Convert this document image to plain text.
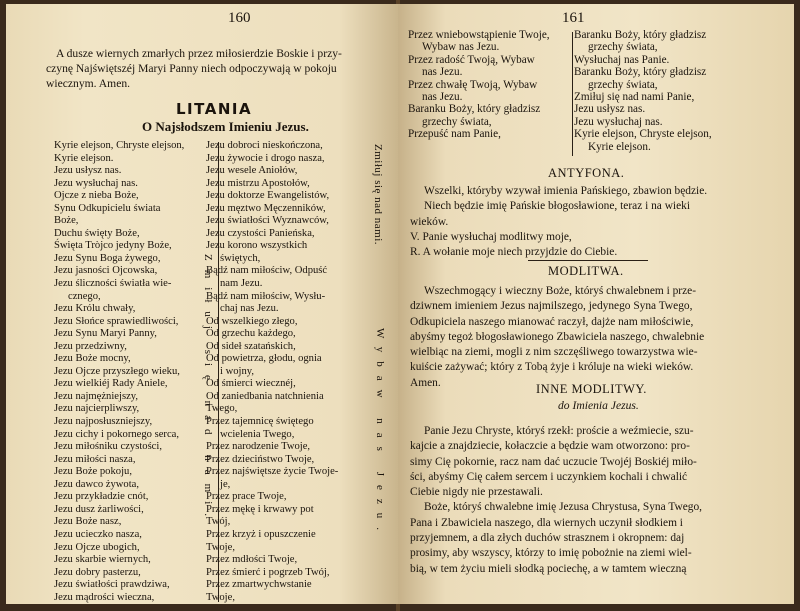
160
A dusze wiernych zmarłych przez miłosierdzie Boskie i przy-
czynę Najświętszéj Maryi Panny niech odpoczywają w pokoju
wiecznym. Amen.
LITANIA
O Najsłodszem Imieniu Jezus.
Kyrie elejson, Chryste elejson,
Kyrie elejson.
Jezu usłysz nas.
Jezu wysłuchaj nas.
Ojcze z nieba Boże,
Synu Odkupicielu świata
Boże,
Duchu święty Boże,
Święta Tròjco jedyny Boże,
Jezu Synu Boga żywego,
Jezu jasności Ojcowska,
Jezu śliczności światła wie-
cznego,
Jezu Królu chwały,
Jezu Słońce sprawiedliwości,
Jezu Synu Maryi Panny,
Jezu przedziwny,
Jezu Boże mocny,
Jezu Ojcze przyszłego wieku,
Jezu wielkiéj Rady Aniele,
Jezu najmężniejszy,
Jezu najcierpliwszy,
Jezu najposłuszniejszy,
Jezu cichy i pokornego serca,
Jezu miłośniku czystości,
Jezu miłości nasza,
Jezu Boże pokoju,
Jezu dawco żywota,
Jezu przykładzie cnót,
Jezu dusz żarliwości,
Jezu Boże nasz,
Jezu ucieczko nasza,
Jezu Ojcze ubogich,
Jezu skarbie wiernych,
Jezu dobry pasterzu,
Jezu światłości prawdziwa,
Jezu mądrości wieczna,
Jezu dobroci nieskończona,
Jezu żywocie i drogo nasza,
Jezu wesele Aniołów,
Jezu mistrzu Apostołów,
Jezu doktorze Ewangelistów,
Jezu męztwo Męczenników,
Jezu światłości Wyznawców,
Jezu czystości Panieńska,
Jezu korono wszystkich
świętych,
Bądź nam miłościw, Odpuść
nam Jezu.
Bądź nam miłościw, Wysłu-
chaj nas Jezu.
Od wszelkiego złego,
Od grzechu każdego,
Od sideł szatańskich,
Od powietrza, głodu, ognia
i wojny,
Od śmierci wiecznéj,
Od zaniedbania natchnienia
Twego,
Przez tajemnicę świętego
wcielenia Twego,
Przez narodzenie Twoje,
Przez dzieciństwo Twoje,
Przez najświętsze życie Twoje-
je,
Przez prace Twoje,
Przez mękę i krwawy pot
Twój,
Przez krzyż i opuszczenie
Twoje,
Przez mdłości Twoje,
Przez śmierć i pogrzeb Twój,
Przez zmartwychwstanie
Twoje,
Zmiłuj się nad nami.
Zmiłuj się nad nami.	Wybaw nas Jezu.
161
Przez wniebowstąpienie Twoje,
Wybaw nas Jezu.
Przez radość Twoją, Wybaw
nas Jezu.
Przez chwałę Twoją, Wybaw
nas Jezu.
Baranku Boży, który gładzisz
grzechy świata,
Przepuść nam Panie,
Baranku Boży, który gładzisz
grzechy świata,
Wysłuchaj nas Panie.
Baranku Boży, który gładzisz
grzechy świata,
Zmiłuj się nad nami Panie,
Jezu usłysz nas.
Jezu wysłuchaj nas.
Kyrie elejson, Chryste elejson,
Kyrie elejson.
ANTYFONA.
Wszelki, któryby wzywał imienia Pańskiego, zbawion będzie.
Niech będzie imię Pańskie błogosławione, teraz i na wieki
wieków.
V. Panie wysłuchaj modlitwy moje,
R. A wołanie moje niech przyjdzie do Ciebie.
MODLITWA.
Wszechmogący i wieczny Boże, któryś chwalebnem i prze-
dziwnem imieniem Jezus najmilszego, jedynego Syna Twego,
Odkupiciela naszego mianować raczył, dajże nam miłościwie,
abyśmy tegoż błogosławionego Zbawiciela naszego, chwalebnie
wielbiąc na ziemi, mogli z nim szczęśliwego towarzystwa wie-
kuiście zażywać; który z Tobą żyje i króluje na wieki wieków.
Amen.	INNE MODLITWY.
do Imienia Jezus.
Panie Jezu Chryste, któryś rzekł: proście a weźmiecie, szu-
kajcie a znajdziecie, kołaczcie a będzie wam otworzono: pro-
simy Cię pokornie, racz nam dać uczucie Twojéj Boskiéj miło-
ści, abyśmy Cię całem sercem i uczynkiem kochali i chwalić
Ciebie nigdy nie przestawali.
Boże, któryś chwalebne imię Jezusa Chrystusa, Syna Twego,
Pana i Zbawiciela naszego, dla wiernych uczynił słodkiem i
przyjemnem, a dla złych duchów strasznem i okropnem: daj
prosimy, aby wszyscy, którzy to imię pobożnie na ziemi wiel-
bią, w tem życiu mieli słodką pociechę, a w tamtem wieczną
